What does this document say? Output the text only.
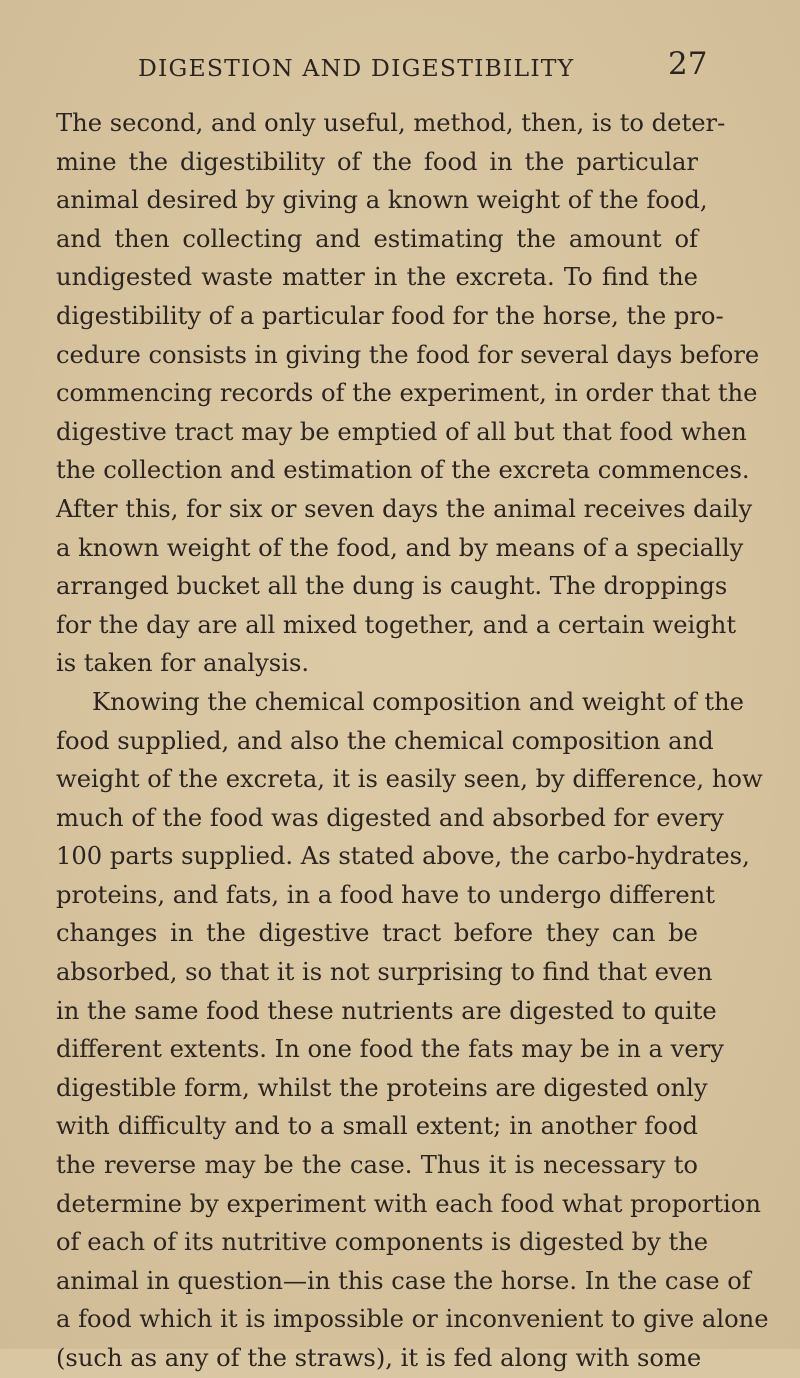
DIGESTION AND DIGESTIBILITY	27
The second, and only useful, method, then, is to deter-
mine the digestibility of the food in the particular
animal desired by giving a known weight of the food,
and then collecting and estimating the amount of
undigested waste matter in the excreta. To find the
digestibility of a particular food for the horse, the pro-
cedure consists in giving the food for several days before
commencing records of the experiment, in order that the
digestive tract may be emptied of all but that food when
the collection and estimation of the excreta commences.
After this, for six or seven days the animal receives daily
a known weight of the food, and by means of a specially
arranged bucket all the dung is caught. The droppings
for the day are all mixed together, and a certain weight
is taken for analysis.
Knowing the chemical composition and weight of the
food supplied, and also the chemical composition and
weight of the excreta, it is easily seen, by difference, how
much of the food was digested and absorbed for every
100 parts supplied. As stated above, the carbo-hydrates,
proteins, and fats, in a food have to undergo different
changes in the digestive tract before they can be
absorbed, so that it is not surprising to find that even
in the same food these nutrients are digested to quite
different extents. In one food the fats may be in a very
digestible form, whilst the proteins are digested only
with difficulty and to a small extent; in another food
the reverse may be the case. Thus it is necessary to
determine by experiment with each food what proportion
of each of its nutritive components is digested by the
animal in question—in this case the horse. In the case of
a food which it is impossible or inconvenient to give alone
(such as any of the straws), it is fed along with some
